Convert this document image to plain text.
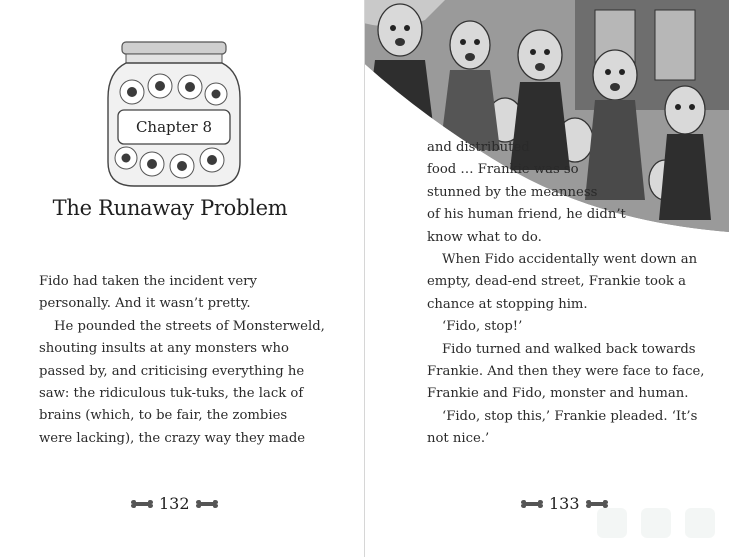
Chapter 8
The Runaway Problem

Fido had taken the incident very

personally. And it wasn’t pretty.

He pounded the streets of Monsterweld,

shouting insults at any monsters who

passed by, and criticising everything he

saw: the ridiculous tuk-tuks, the lack of

brains (which, to be fair, the zombies

were lacking), the crazy way they made

132

and distributed

food … Frankie was so

stunned by the meanness

of his human friend, he didn’t

know what to do.

When Fido accidentally went down an

empty, dead-end street, Frankie took a

chance at stopping him.

‘Fido, stop!’

Fido turned and walked back towards

Frankie. And then they were face to face,

Frankie and Fido, monster and human.

‘Fido, stop this,’ Frankie pleaded. ‘It’s

not nice.’

133
